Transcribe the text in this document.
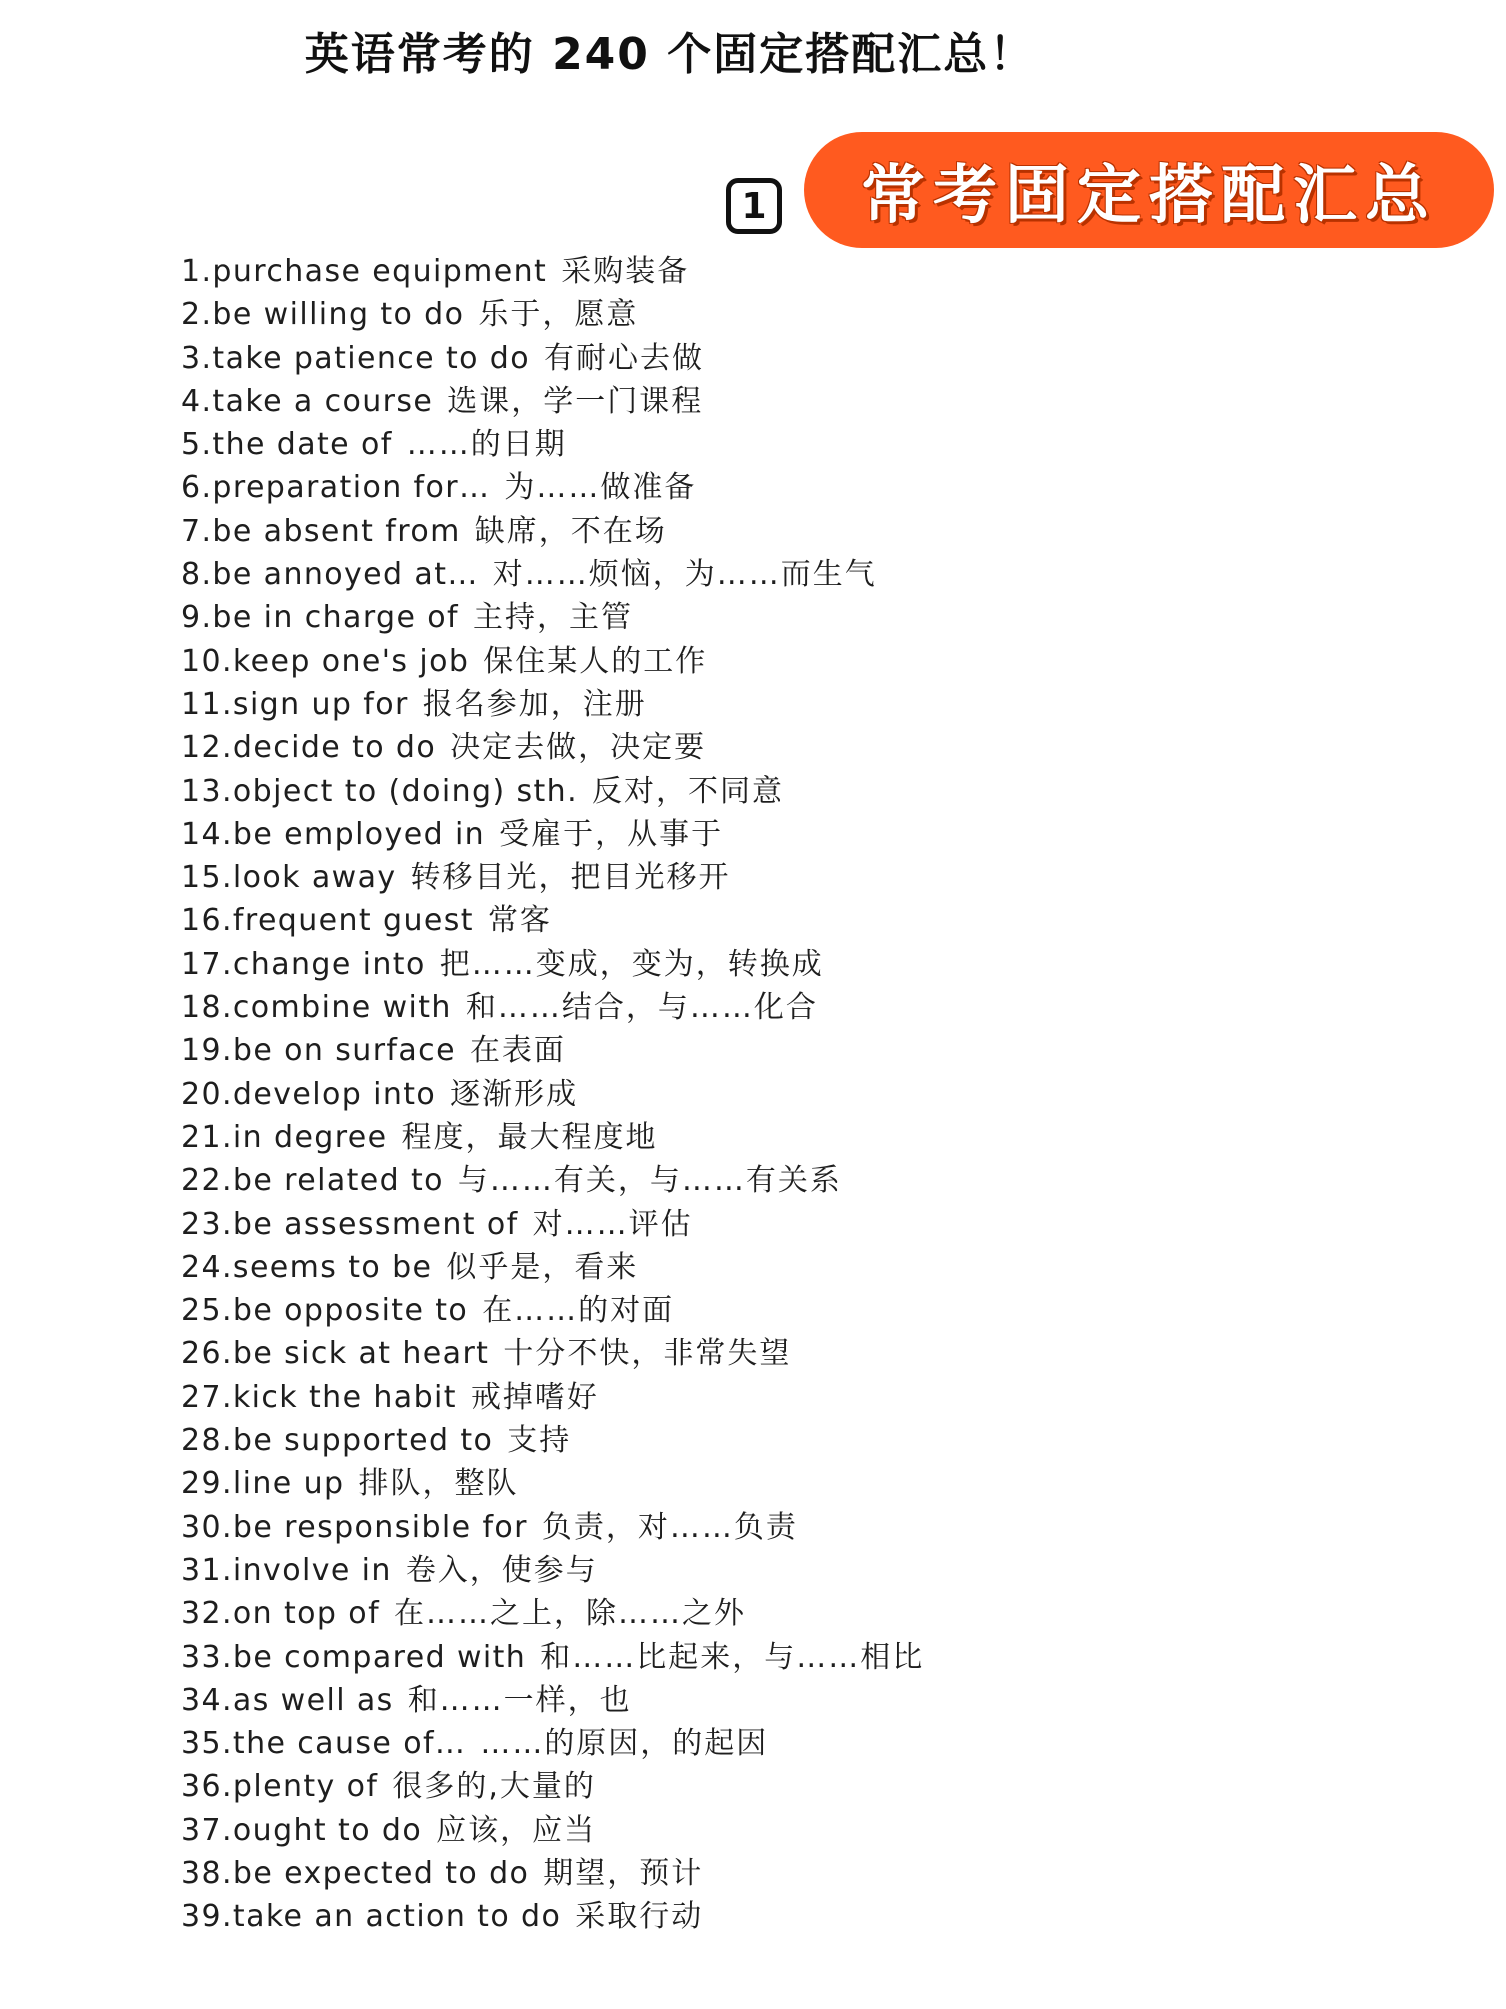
英语常考的 240 个固定搭配汇总！
1 常考固定搭配汇总
1.purchase equipment 采购装备
2.be willing to do 乐于，愿意
3.take patience to do 有耐心去做
4.take a course 选课，学一门课程
5.the date of ……的日期
6.preparation for… 为……做准备
7.be absent from 缺席，不在场
8.be annoyed at… 对……烦恼，为……而生气
9.be in charge of 主持，主管
10.keep one's job 保住某人的工作
11.sign up for 报名参加，注册
12.decide to do 决定去做，决定要
13.object to (doing) sth. 反对，不同意
14.be employed in 受雇于，从事于
15.look away 转移目光，把目光移开
16.frequent guest 常客
17.change into 把……变成，变为，转换成
18.combine with 和……结合，与……化合
19.be on surface 在表面
20.develop into 逐渐形成
21.in degree 程度，最大程度地
22.be related to 与……有关，与……有关系
23.be assessment of 对……评估
24.seems to be 似乎是，看来
25.be opposite to 在……的对面
26.be sick at heart 十分不快，非常失望
27.kick the habit 戒掉嗜好
28.be supported to 支持
29.line up 排队，整队
30.be responsible for 负责，对……负责
31.involve in 卷入，使参与
32.on top of 在……之上，除……之外
33.be compared with 和……比起来，与……相比
34.as well as 和……一样，也
35.the cause of… ……的原因，的起因
36.plenty of 很多的,大量的
37.ought to do 应该，应当
38.be expected to do 期望，预计
39.take an action to do 采取行动
